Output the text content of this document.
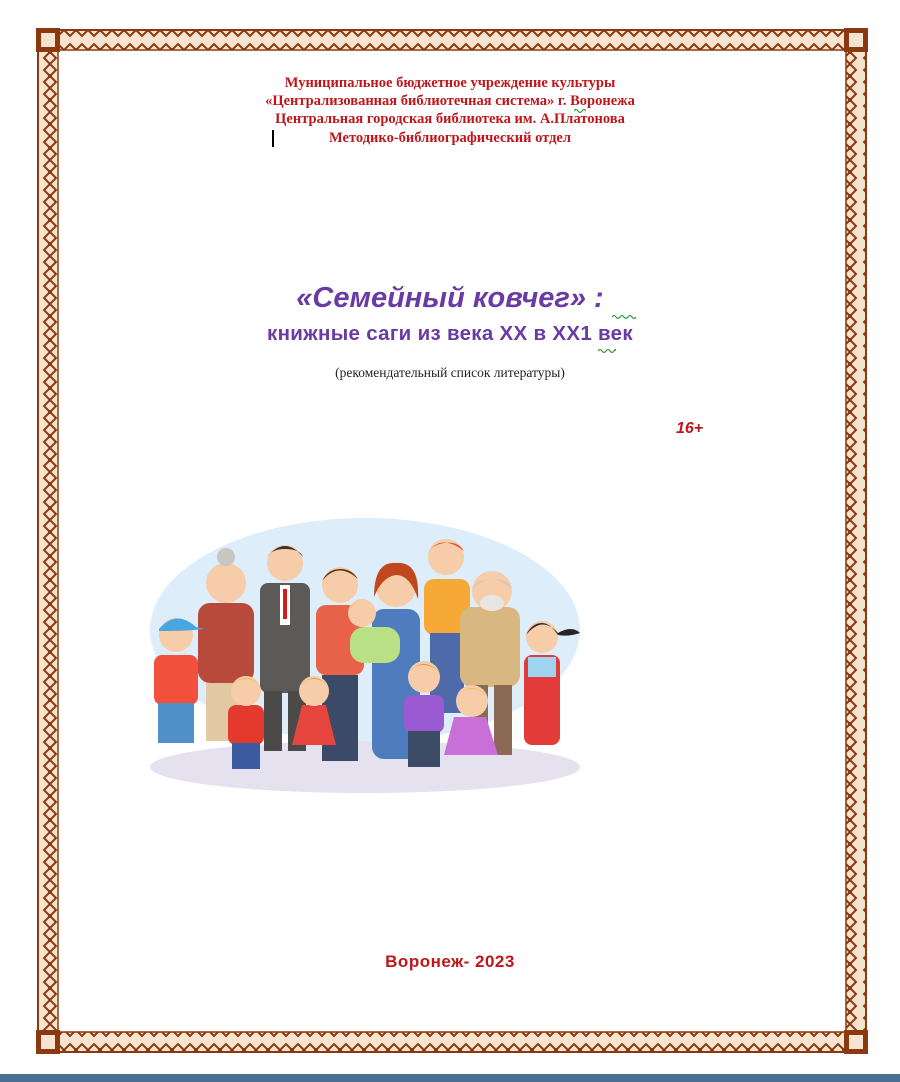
Муниципальное бюджетное учреждение культуры
«Централизованная библиотечная система» г. Воронежа
Центральная городская библиотека им. А.Платонова
Методико-библиографический отдел
«Семейный ковчег» :
книжные саги из века ХХ в ХХ1 век
(рекомендательный список литературы)
16+
Воронеж- 2023
